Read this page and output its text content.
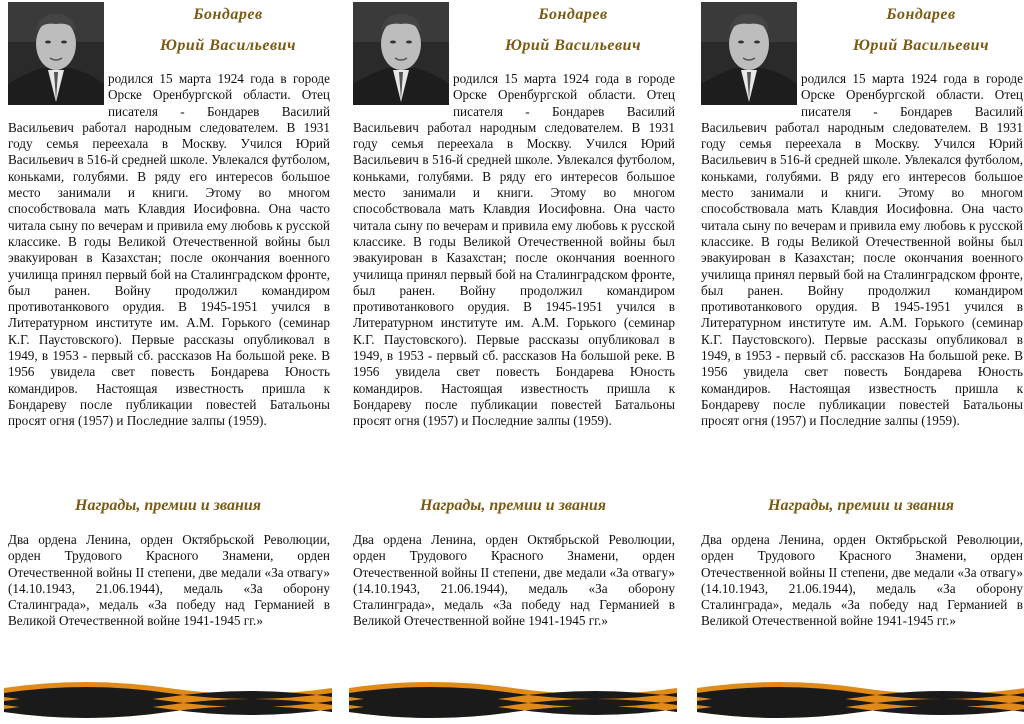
Бондарев
Юрий Васильевич
родился 15 марта 1924 года в городе Орске Оренбургской области. Отец писателя - Бондарев Василий Васильевич работал народным следователем. В 1931 году семья переехала в Москву. Учился Юрий Васильевич в 516-й средней школе. Увлекался футболом, коньками, голубями. В ряду его интересов большое место занимали и книги. Этому во многом способствовала мать Клавдия Иосифовна. Она часто читала сыну по вечерам и привила ему любовь к русской классике. В годы Великой Отечественной войны был эвакуирован в Казахстан; после окончания военного училища принял первый бой на Сталинградском фронте, был ранен. Войну продолжил командиром противотанкового орудия. В 1945-1951 учился в Литературном институте им. А.М. Горького (семинар К.Г. Паустовского). Первые рассказы опубликовал в 1949, в 1953 - первый сб. рассказов На большой реке. В 1956 увидела свет повесть Бондарева Юность командиров. Настоящая известность пришла к Бондареву после публикации повестей Батальоны просят огня (1957) и Последние залпы (1959).
Награды, премии и звания
Два ордена Ленина, орден Октябрьской Революции, орден Трудового Красного Знамени, орден Отечественной войны II степени, две медали «За отвагу» (14.10.1943, 21.06.1944), медаль «За оборону Сталинграда», медаль «За победу над Германией в Великой Отечественной войне 1941-1945 гг.»
Бондарев
Юрий Васильевич
родился 15 марта 1924 года в городе Орске Оренбургской области. Отец писателя - Бондарев Василий Васильевич работал народным следователем. В 1931 году семья переехала в Москву. Учился Юрий Васильевич в 516-й средней школе. Увлекался футболом, коньками, голубями. В ряду его интересов большое место занимали и книги. Этому во многом способствовала мать Клавдия Иосифовна. Она часто читала сыну по вечерам и привила ему любовь к русской классике. В годы Великой Отечественной войны был эвакуирован в Казахстан; после окончания военного училища принял первый бой на Сталинградском фронте, был ранен. Войну продолжил командиром противотанкового орудия. В 1945-1951 учился в Литературном институте им. А.М. Горького (семинар К.Г. Паустовского). Первые рассказы опубликовал в 1949, в 1953 - первый сб. рассказов На большой реке. В 1956 увидела свет повесть Бондарева Юность командиров. Настоящая известность пришла к Бондареву после публикации повестей Батальоны просят огня (1957) и Последние залпы (1959).
Награды, премии и звания
Два ордена Ленина, орден Октябрьской Революции, орден Трудового Красного Знамени, орден Отечественной войны II степени, две медали «За отвагу» (14.10.1943, 21.06.1944), медаль «За оборону Сталинграда», медаль «За победу над Германией в Великой Отечественной войне 1941-1945 гг.»
Бондарев
Юрий Васильевич
родился 15 марта 1924 года в городе Орске Оренбургской области. Отец писателя - Бондарев Василий Васильевич работал народным следователем. В 1931 году семья переехала в Москву. Учился Юрий Васильевич в 516-й средней школе. Увлекался футболом, коньками, голубями. В ряду его интересов большое место занимали и книги. Этому во многом способствовала мать Клавдия Иосифовна. Она часто читала сыну по вечерам и привила ему любовь к русской классике. В годы Великой Отечественной войны был эвакуирован в Казахстан; после окончания военного училища принял первый бой на Сталинградском фронте, был ранен. Войну продолжил командиром противотанкового орудия. В 1945-1951 учился в Литературном институте им. А.М. Горького (семинар К.Г. Паустовского). Первые рассказы опубликовал в 1949, в 1953 - первый сб. рассказов На большой реке. В 1956 увидела свет повесть Бондарева Юность командиров. Настоящая известность пришла к Бондареву после публикации повестей Батальоны просят огня (1957) и Последние залпы (1959).
Награды, премии и звания
Два ордена Ленина, орден Октябрьской Революции, орден Трудового Красного Знамени, орден Отечественной войны II степени, две медали «За отвагу» (14.10.1943, 21.06.1944), медаль «За оборону Сталинграда», медаль «За победу над Германией в Великой Отечественной войне 1941-1945 гг.»
